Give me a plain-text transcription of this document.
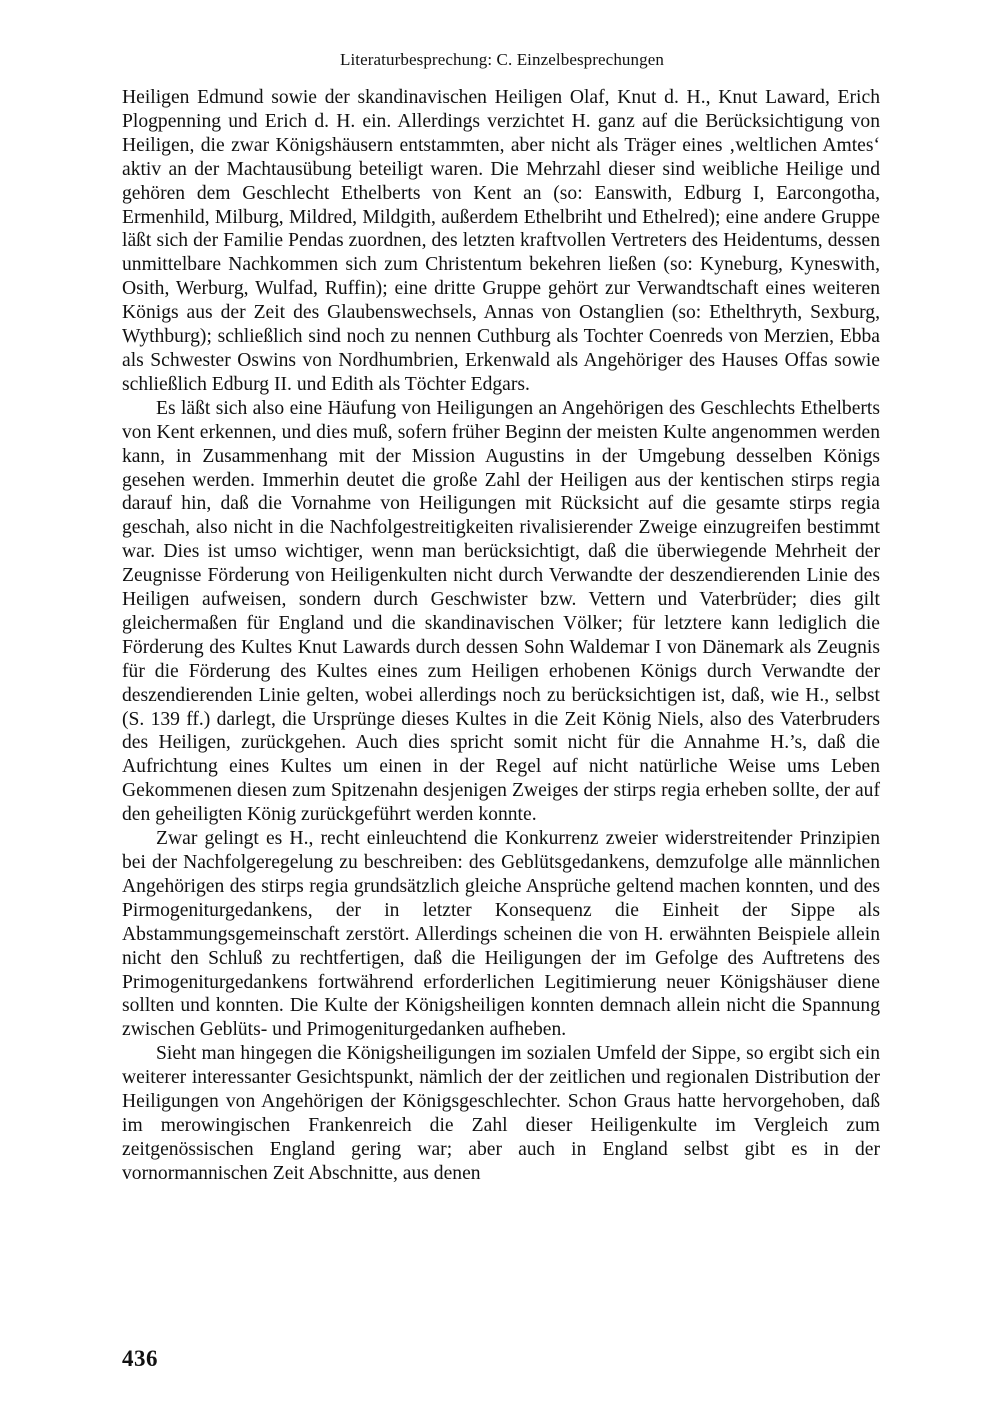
Literaturbesprechung: C. Einzelbesprechungen

Heiligen Edmund sowie der skandinavischen Heiligen Olaf, Knut d. H., Knut Laward, Erich Plogpenning und Erich d. H. ein. Allerdings verzichtet H. ganz auf die Berücksichtigung von Heiligen, die zwar Königshäusern entstammten, aber nicht als Träger eines ‚weltlichen Amtes‘ aktiv an der Machtausübung beteiligt waren. Die Mehrzahl dieser sind weibliche Heilige und gehören dem Geschlecht Ethelberts von Kent an (so: Eanswith, Edburg I, Earcongotha, Ermenhild, Milburg, Mildred, Mildgith, außerdem Ethelbriht und Ethelred); eine andere Gruppe läßt sich der Familie Pendas zuordnen, des letzten kraftvollen Vertreters des Heidentums, dessen unmittelbare Nachkommen sich zum Christentum bekehren ließen (so: Kyneburg, Kyneswith, Osith, Werburg, Wulfad, Ruffin); eine dritte Gruppe gehört zur Verwandtschaft eines weiteren Königs aus der Zeit des Glaubenswechsels, Annas von Ostanglien (so: Ethelthryth, Sexburg, Wythburg); schließlich sind noch zu nennen Cuthburg als Tochter Coenreds von Merzien, Ebba als Schwester Oswins von Nordhumbrien, Erkenwald als Angehöriger des Hauses Offas sowie schließlich Edburg II. und Edith als Töchter Edgars.

Es läßt sich also eine Häufung von Heiligungen an Angehörigen des Geschlechts Ethelberts von Kent erkennen, und dies muß, sofern früher Beginn der meisten Kulte angenommen werden kann, in Zusammenhang mit der Mission Augustins in der Umgebung desselben Königs gesehen werden. Immerhin deutet die große Zahl der Heiligen aus der kentischen stirps regia darauf hin, daß die Vornahme von Heiligungen mit Rücksicht auf die gesamte stirps regia geschah, also nicht in die Nachfolgestreitigkeiten rivalisierender Zweige einzugreifen bestimmt war. Dies ist umso wichtiger, wenn man berücksichtigt, daß die überwiegende Mehrheit der Zeugnisse Förderung von Heiligenkulten nicht durch Verwandte der deszendierenden Linie des Heiligen aufweisen, sondern durch Geschwister bzw. Vettern und Vaterbrüder; dies gilt gleichermaßen für England und die skandinavischen Völker; für letztere kann lediglich die Förderung des Kultes Knut Lawards durch dessen Sohn Waldemar I von Dänemark als Zeugnis für die Förderung des Kultes eines zum Heiligen erhobenen Königs durch Verwandte der deszendierenden Linie gelten, wobei allerdings noch zu berücksichtigen ist, daß, wie H., selbst (S. 139 ff.) darlegt, die Ursprünge dieses Kultes in die Zeit König Niels, also des Vaterbruders des Heiligen, zurückgehen. Auch dies spricht somit nicht für die Annahme H.’s, daß die Aufrichtung eines Kultes um einen in der Regel auf nicht natürliche Weise ums Leben Gekommenen diesen zum Spitzenahn desjenigen Zweiges der stirps regia erheben sollte, der auf den geheiligten König zurückgeführt werden konnte.

Zwar gelingt es H., recht einleuchtend die Konkurrenz zweier widerstreitender Prinzipien bei der Nachfolgeregelung zu beschreiben: des Geblütsgedankens, demzufolge alle männlichen Angehörigen des stirps regia grundsätzlich gleiche Ansprüche geltend machen konnten, und des Pirmogeniturgedankens, der in letzter Konsequenz die Einheit der Sippe als Abstammungsgemeinschaft zerstört. Allerdings scheinen die von H. erwähnten Beispiele allein nicht den Schluß zu rechtfertigen, daß die Heiligungen der im Gefolge des Auftretens des Primogeniturgedankens fortwährend erforderlichen Legitimierung neuer Königshäuser diene sollten und konnten. Die Kulte der Königsheiligen konnten demnach allein nicht die Spannung zwischen Geblüts- und Primogeniturgedanken aufheben.

Sieht man hingegen die Königsheiligungen im sozialen Umfeld der Sippe, so ergibt sich ein weiterer interessanter Gesichtspunkt, nämlich der der zeitlichen und regionalen Distribution der Heiligungen von Angehörigen der Königsgeschlechter. Schon Graus hatte hervorgehoben, daß im merowingischen Frankenreich die Zahl dieser Heiligenkulte im Vergleich zum zeitgenössischen England gering war; aber auch in England selbst gibt es in der vornormannischen Zeit Abschnitte, aus denen

436
